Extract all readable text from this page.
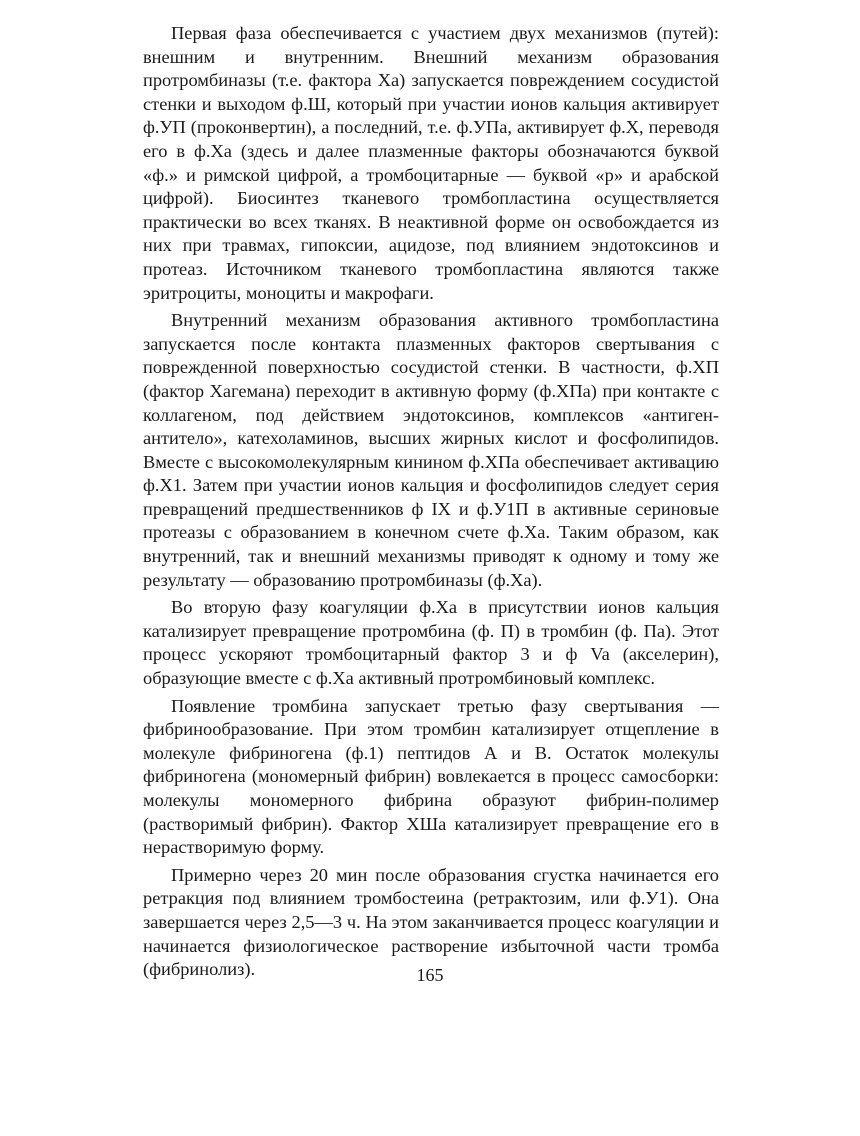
Первая фаза обеспечивается с участием двух механизмов (путей): внешним и внутренним. Внешний механизм образования протромбиназы (т.е. фактора Ха) запускается повреждением сосудистой стенки и выходом ф.Ш, который при участии ионов кальция активирует ф.УП (проконвертин), а последний, т.е. ф.УПа, активирует ф.Х, переводя его в ф.Ха (здесь и далее плазменные факторы обозначаются буквой «ф.» и римской цифрой, а тромбоцитарные — буквой «р» и арабской цифрой). Биосинтез тканевого тромбопластина осуществляется практически во всех тканях. В неактивной форме он освобождается из них при травмах, гипоксии, ацидозе, под влиянием эндотоксинов и протеаз. Источником тканевого тромбопластина являются также эритроциты, моноциты и макрофаги.

Внутренний механизм образования активного тромбопластина запускается после контакта плазменных факторов свертывания с поврежденной поверхностью сосудистой стенки. В частности, ф.ХП (фактор Хагемана) переходит в активную форму (ф.ХПа) при контакте с коллагеном, под действием эндотоксинов, комплексов «антиген-антитело», катехоламинов, высших жирных кислот и фосфолипидов. Вместе с высокомолекулярным кинином ф.ХПа обеспечивает активацию ф.Х1. Затем при участии ионов кальция и фосфолипидов следует серия превращений предшественников ф IX и ф.У1П в активные сериновые протеазы с образованием в конечном счете ф.Ха. Таким образом, как внутренний, так и внешний механизмы приводят к одному и тому же результату — образованию протромбиназы (ф.Ха).

Во вторую фазу коагуляции ф.Ха в присутствии ионов кальция катализирует превращение протромбина (ф. П) в тромбин (ф. Па). Этот процесс ускоряют тромбоцитарный фактор 3 и ф Va (акселерин), образующие вместе с ф.Ха активный протромбиновый комплекс.

Появление тромбина запускает третью фазу свертывания — фибринообразование. При этом тромбин катализирует отщепление в молекуле фибриногена (ф.1) пептидов А и В. Остаток молекулы фибриногена (мономерный фибрин) вовлекается в процесс самосборки: молекулы мономерного фибрина образуют фибрин-полимер (растворимый фибрин). Фактор ХШа катализирует превращение его в нерастворимую форму.

Примерно через 20 мин после образования сгустка начинается его ретракция под влиянием тромбостеина (ретрактозим, или ф.У1). Она завершается через 2,5—3 ч. На этом заканчивается процесс коагуляции и начинается физиологическое растворение избыточной части тромба (фибринолиз).	165
